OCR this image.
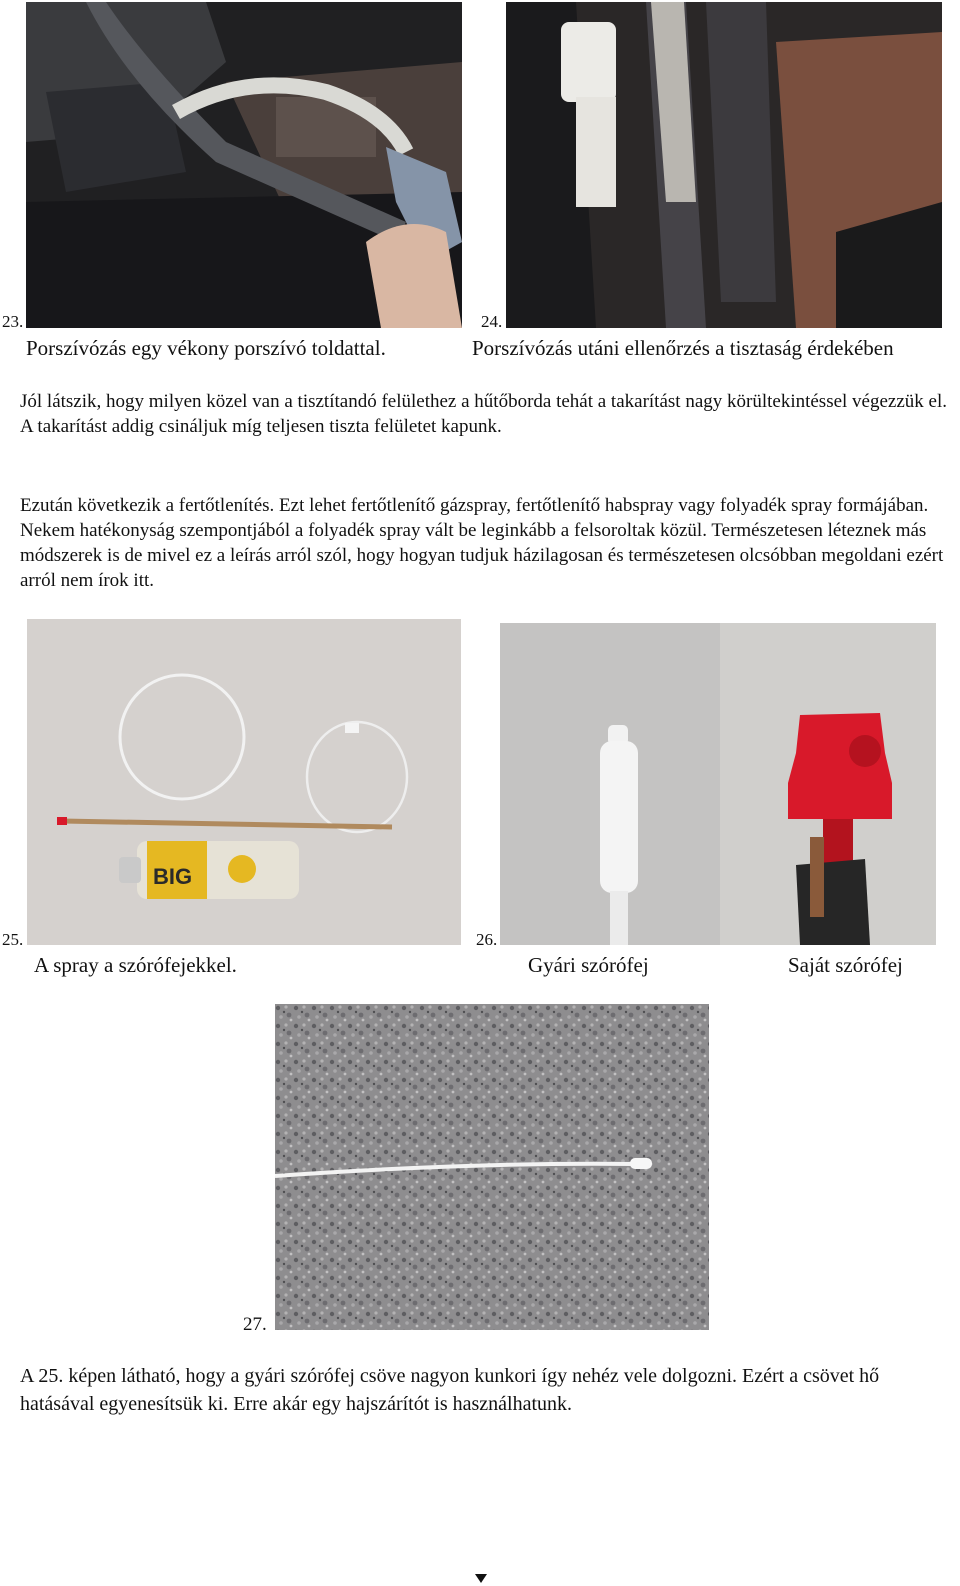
23.
Porszívózás egy vékony porszívó toldattal.
24.
Porszívózás utáni ellenőrzés a tisztaság érdekében
Jól látszik, hogy milyen közel van a tisztítandó felülethez a hűtőborda tehát a takarítást nagy körültekintéssel végezzük el. A takarítást addig csináljuk míg teljesen tiszta felületet kapunk.
Ezután következik a fertőtlenítés. Ezt lehet fertőtlenítő gázspray, fertőtlenítő habspray vagy folyadék spray formájában. Nekem hatékonyság szempontjából a folyadék spray vált be leginkább a felsoroltak közül. Természetesen léteznek más módszerek is de mivel ez a leírás arról szól, hogy hogyan tudjuk házilagosan és természetesen olcsóbban megoldani ezért arról nem írok itt.
BIG
25.
A spray a szórófejekkel.
26.
Gyári szórófej	Saját szórófej
27.
A 25. képen látható, hogy a gyári szórófej csöve nagyon kunkori így nehéz vele dolgozni. Ezért a csövet hő hatásával egyenesítsük ki. Erre akár egy hajszárítót is használhatunk.
